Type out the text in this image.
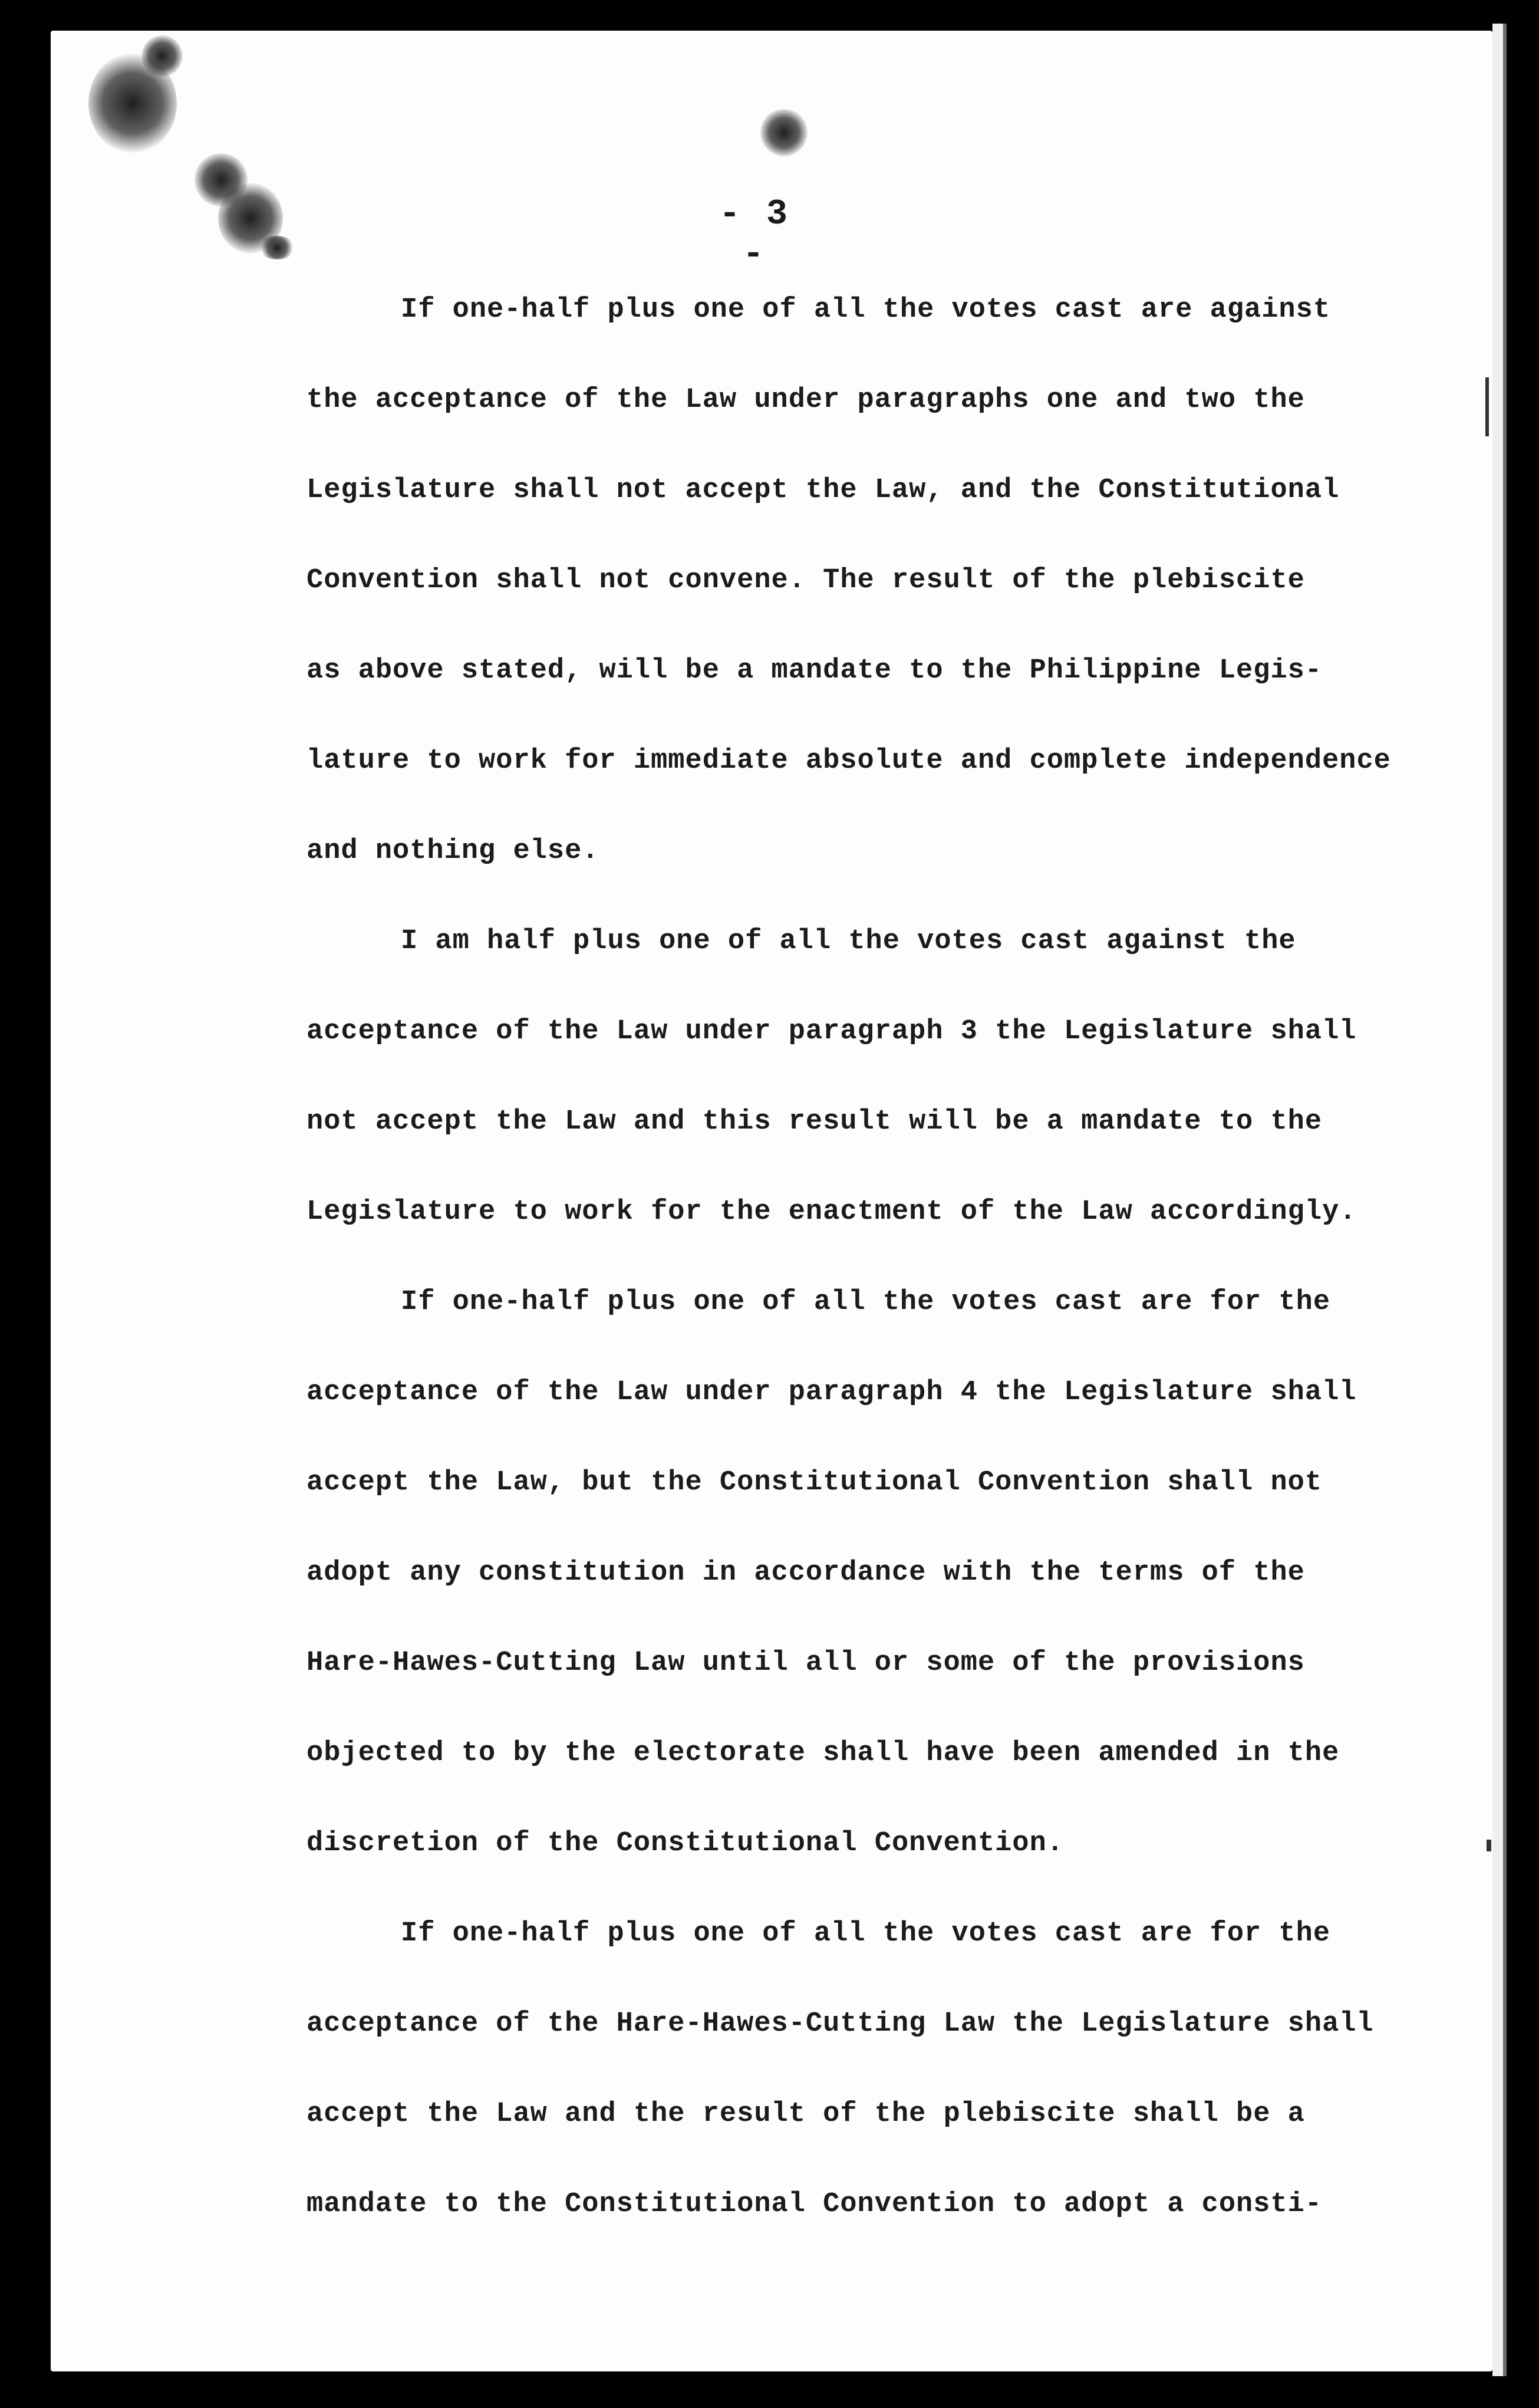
- 3 -
If one-half plus one of all the votes cast are against
the acceptance of the Law under paragraphs one and two the
Legislature shall not accept the Law, and the Constitutional
Convention shall not convene. The result of the plebiscite
as above stated, will be a mandate to the Philippine Legis-
lature to work for immediate absolute and complete independence
and nothing else.
I am half plus one of all the votes cast against the
acceptance of the Law under paragraph 3 the Legislature shall
not accept the Law and this result will be a mandate to the
Legislature to work for the enactment of the Law accordingly.
If one-half plus one of all the votes cast are for the
acceptance of the Law under paragraph 4 the Legislature shall
accept the Law, but the Constitutional Convention shall not
adopt any constitution in accordance with the terms of the
Hare-Hawes-Cutting Law until all or some of the provisions
objected to by the electorate shall have been amended in the
discretion of the Constitutional Convention.
If one-half plus one of all the votes cast are for the
acceptance of the Hare-Hawes-Cutting Law the Legislature shall
accept the Law and the result of the plebiscite shall be a
mandate to the Constitutional Convention to adopt a consti-
